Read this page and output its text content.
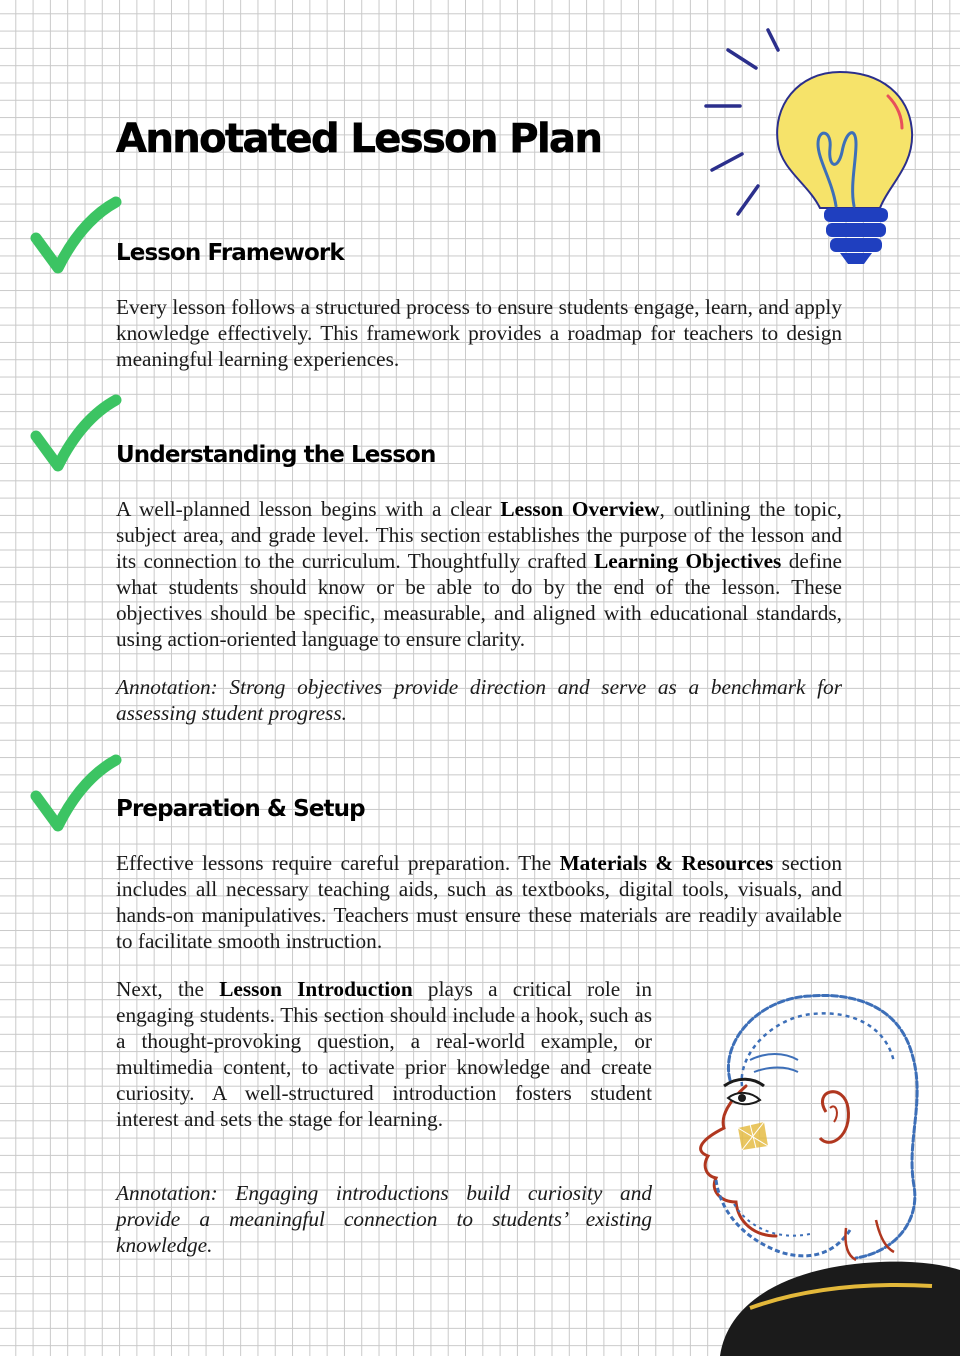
Annotated Lesson Plan
Lesson Framework

Every lesson follows a structured process to ensure students engage, learn, and apply knowledge effectively. This framework provides a roadmap for teachers to design meaningful learning experiences.

Understanding the Lesson

A well-planned lesson begins with a clear Lesson Overview, outlining the topic, subject area, and grade level. This section establishes the purpose of the lesson and its connection to the curriculum. Thoughtfully crafted Learning Objectives define what students should know or be able to do by the end of the lesson. These objectives should be specific, measurable, and aligned with educational standards, using action-oriented language to ensure clarity.

Annotation: Strong objectives provide direction and serve as a benchmark for assessing student progress.

Preparation & Setup

Effective lessons require careful preparation. The Materials & Resources section includes all necessary teaching aids, such as textbooks, digital tools, visuals, and hands-on manipulatives. Teachers must ensure these materials are readily available to facilitate smooth instruction.

Next, the Lesson Introduction plays a critical role in engaging students. This section should include a hook, such as a thought-provoking question, a real-world example, or multimedia content, to activate prior knowledge and create curiosity. A well-structured introduction fosters student interest and sets the stage for learning.

Annotation: Engaging introductions build curiosity and provide a meaningful connection to students’ existing knowledge.
